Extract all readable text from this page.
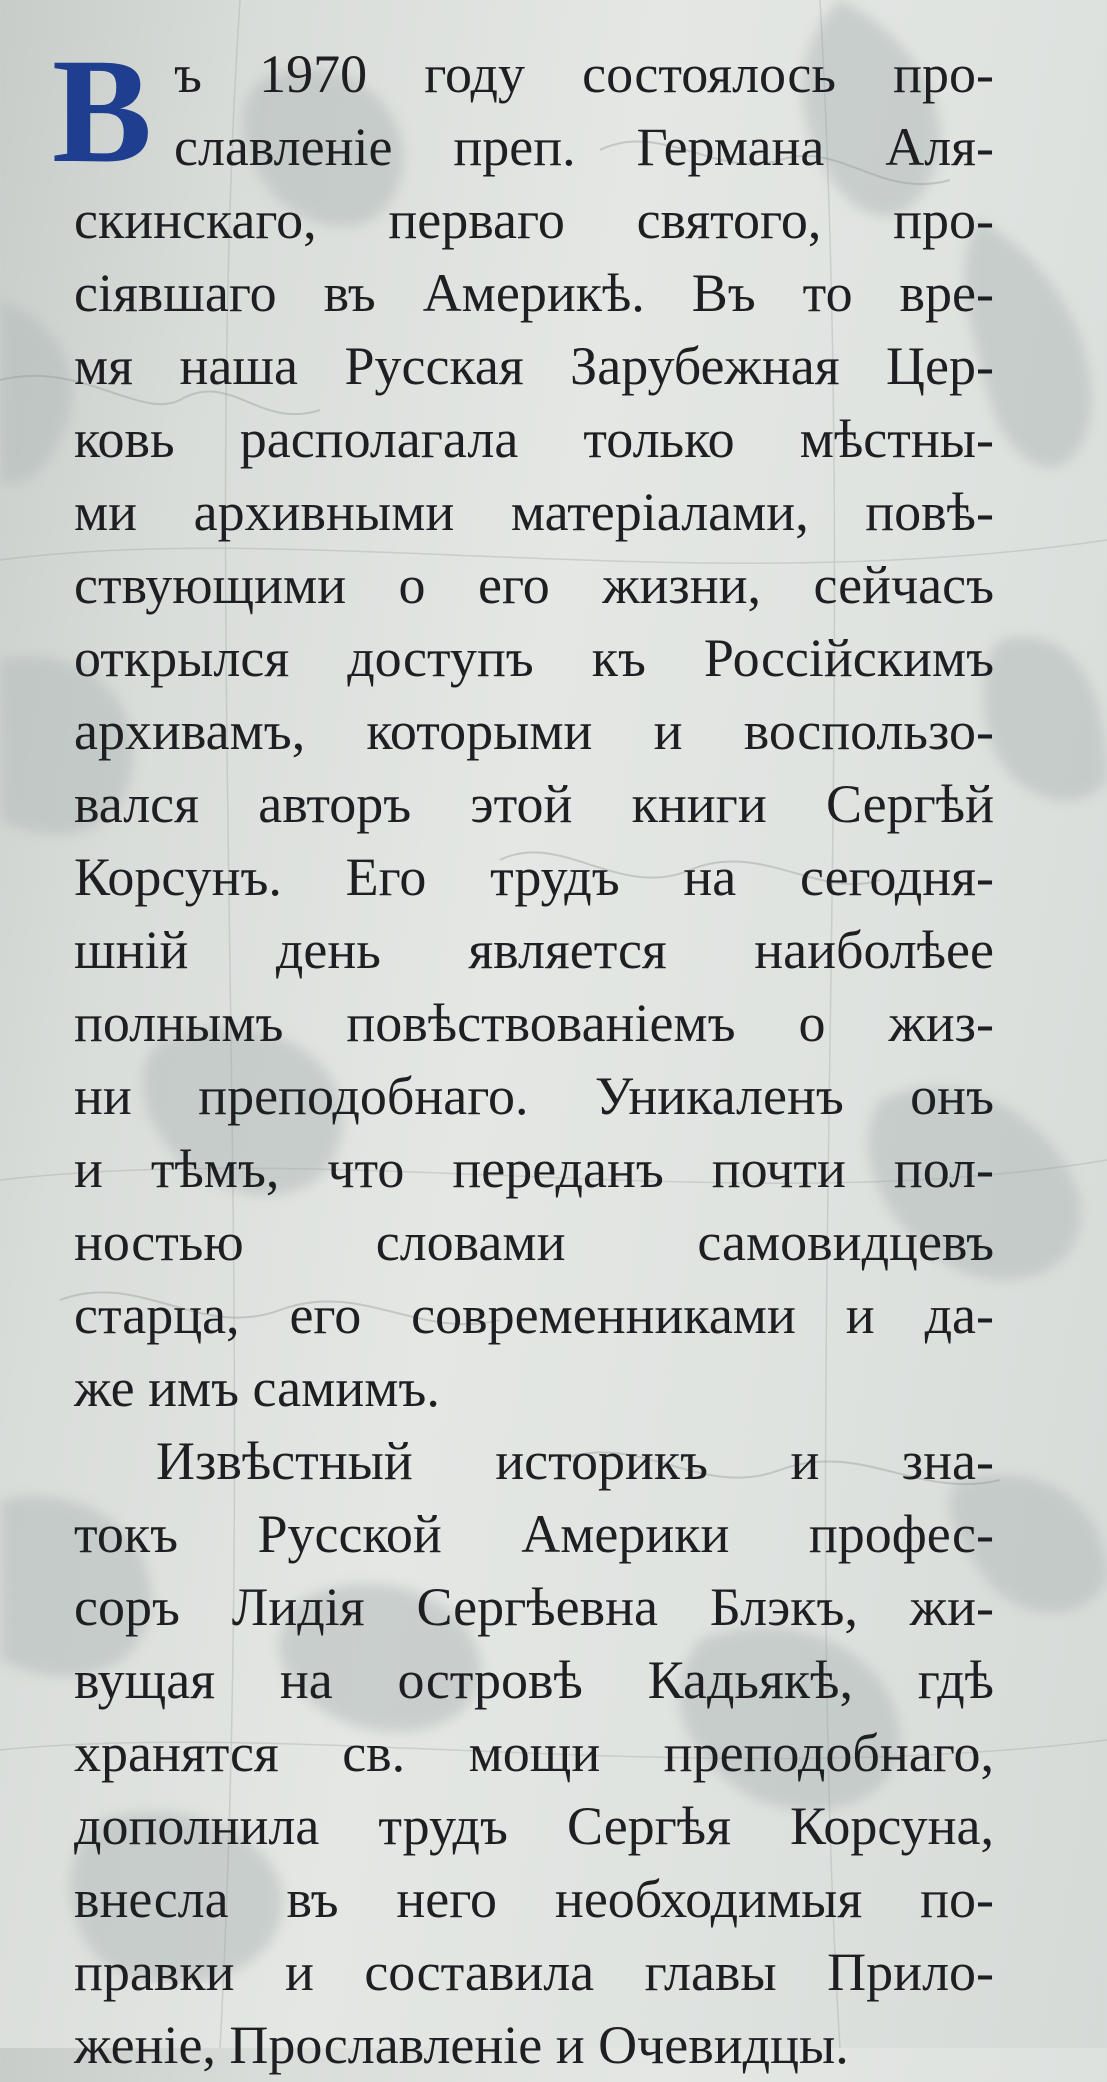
В ъ 1970 году состоялось про-
славленіе преп. Германа Аля-
скинскаго, перваго святого, про-
сіявшаго въ Америкѣ. Въ то вре-
мя наша Русская Зарубежная Цер-
ковь располагала только мѣстны-
ми архивными матеріалами, повѣ-
ствующими о его жизни, сейчасъ
открылся доступъ къ Россійскимъ
архивамъ, которыми и воспользо-
вался авторъ этой книги Сергѣй
Корсунъ. Его трудъ на сегодня-
шній день является наиболѣее
полнымъ повѣствованіемъ о жиз-
ни преподобнаго. Уникаленъ онъ
и тѣмъ, что переданъ почти пол-
ностью словами самовидцевъ
старца, его современниками и да-
же имъ самимъ.
Извѣстный историкъ и зна-
токъ Русской Америки профес-
соръ Лидія Сергѣевна Блэкъ, жи-
вущая на островѣ Кадьякѣ, гдѣ
хранятся св. мощи преподобнаго,
дополнила трудъ Сергѣя Корсуна,
внесла въ него необходимыя по-
правки и составила главы Прило-
женіе, Прославленіе и Очевидцы.
